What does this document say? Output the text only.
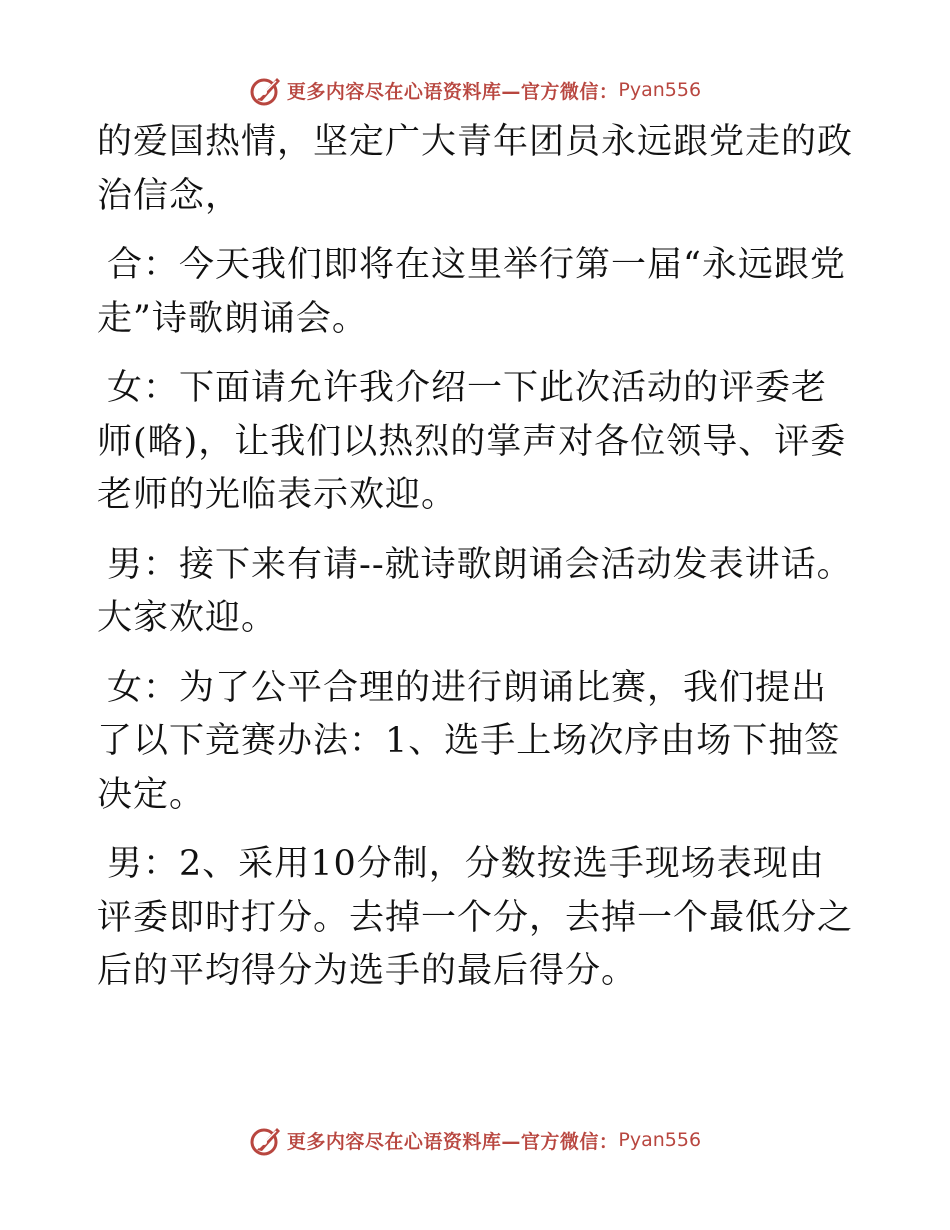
更多内容尽在心语资料库—官方微信： Pyan556

的爱国热情，坚定广大青年团员永远跟党走的政治信念，

合：今天我们即将在这里举行第一届“永远跟党走”诗歌朗诵会。

女：下面请允许我介绍一下此次活动的评委老师(略)，让我们以热烈的掌声对各位领导、评委老师的光临表示欢迎。

男：接下来有请--就诗歌朗诵会活动发表讲话。大家欢迎。

女：为了公平合理的进行朗诵比赛，我们提出了以下竞赛办法：1、选手上场次序由场下抽签决定。

男：2、采用10分制，分数按选手现场表现由评委即时打分。去掉一个分，去掉一个最低分之后的平均得分为选手的最后得分。

更多内容尽在心语资料库—官方微信： Pyan556
